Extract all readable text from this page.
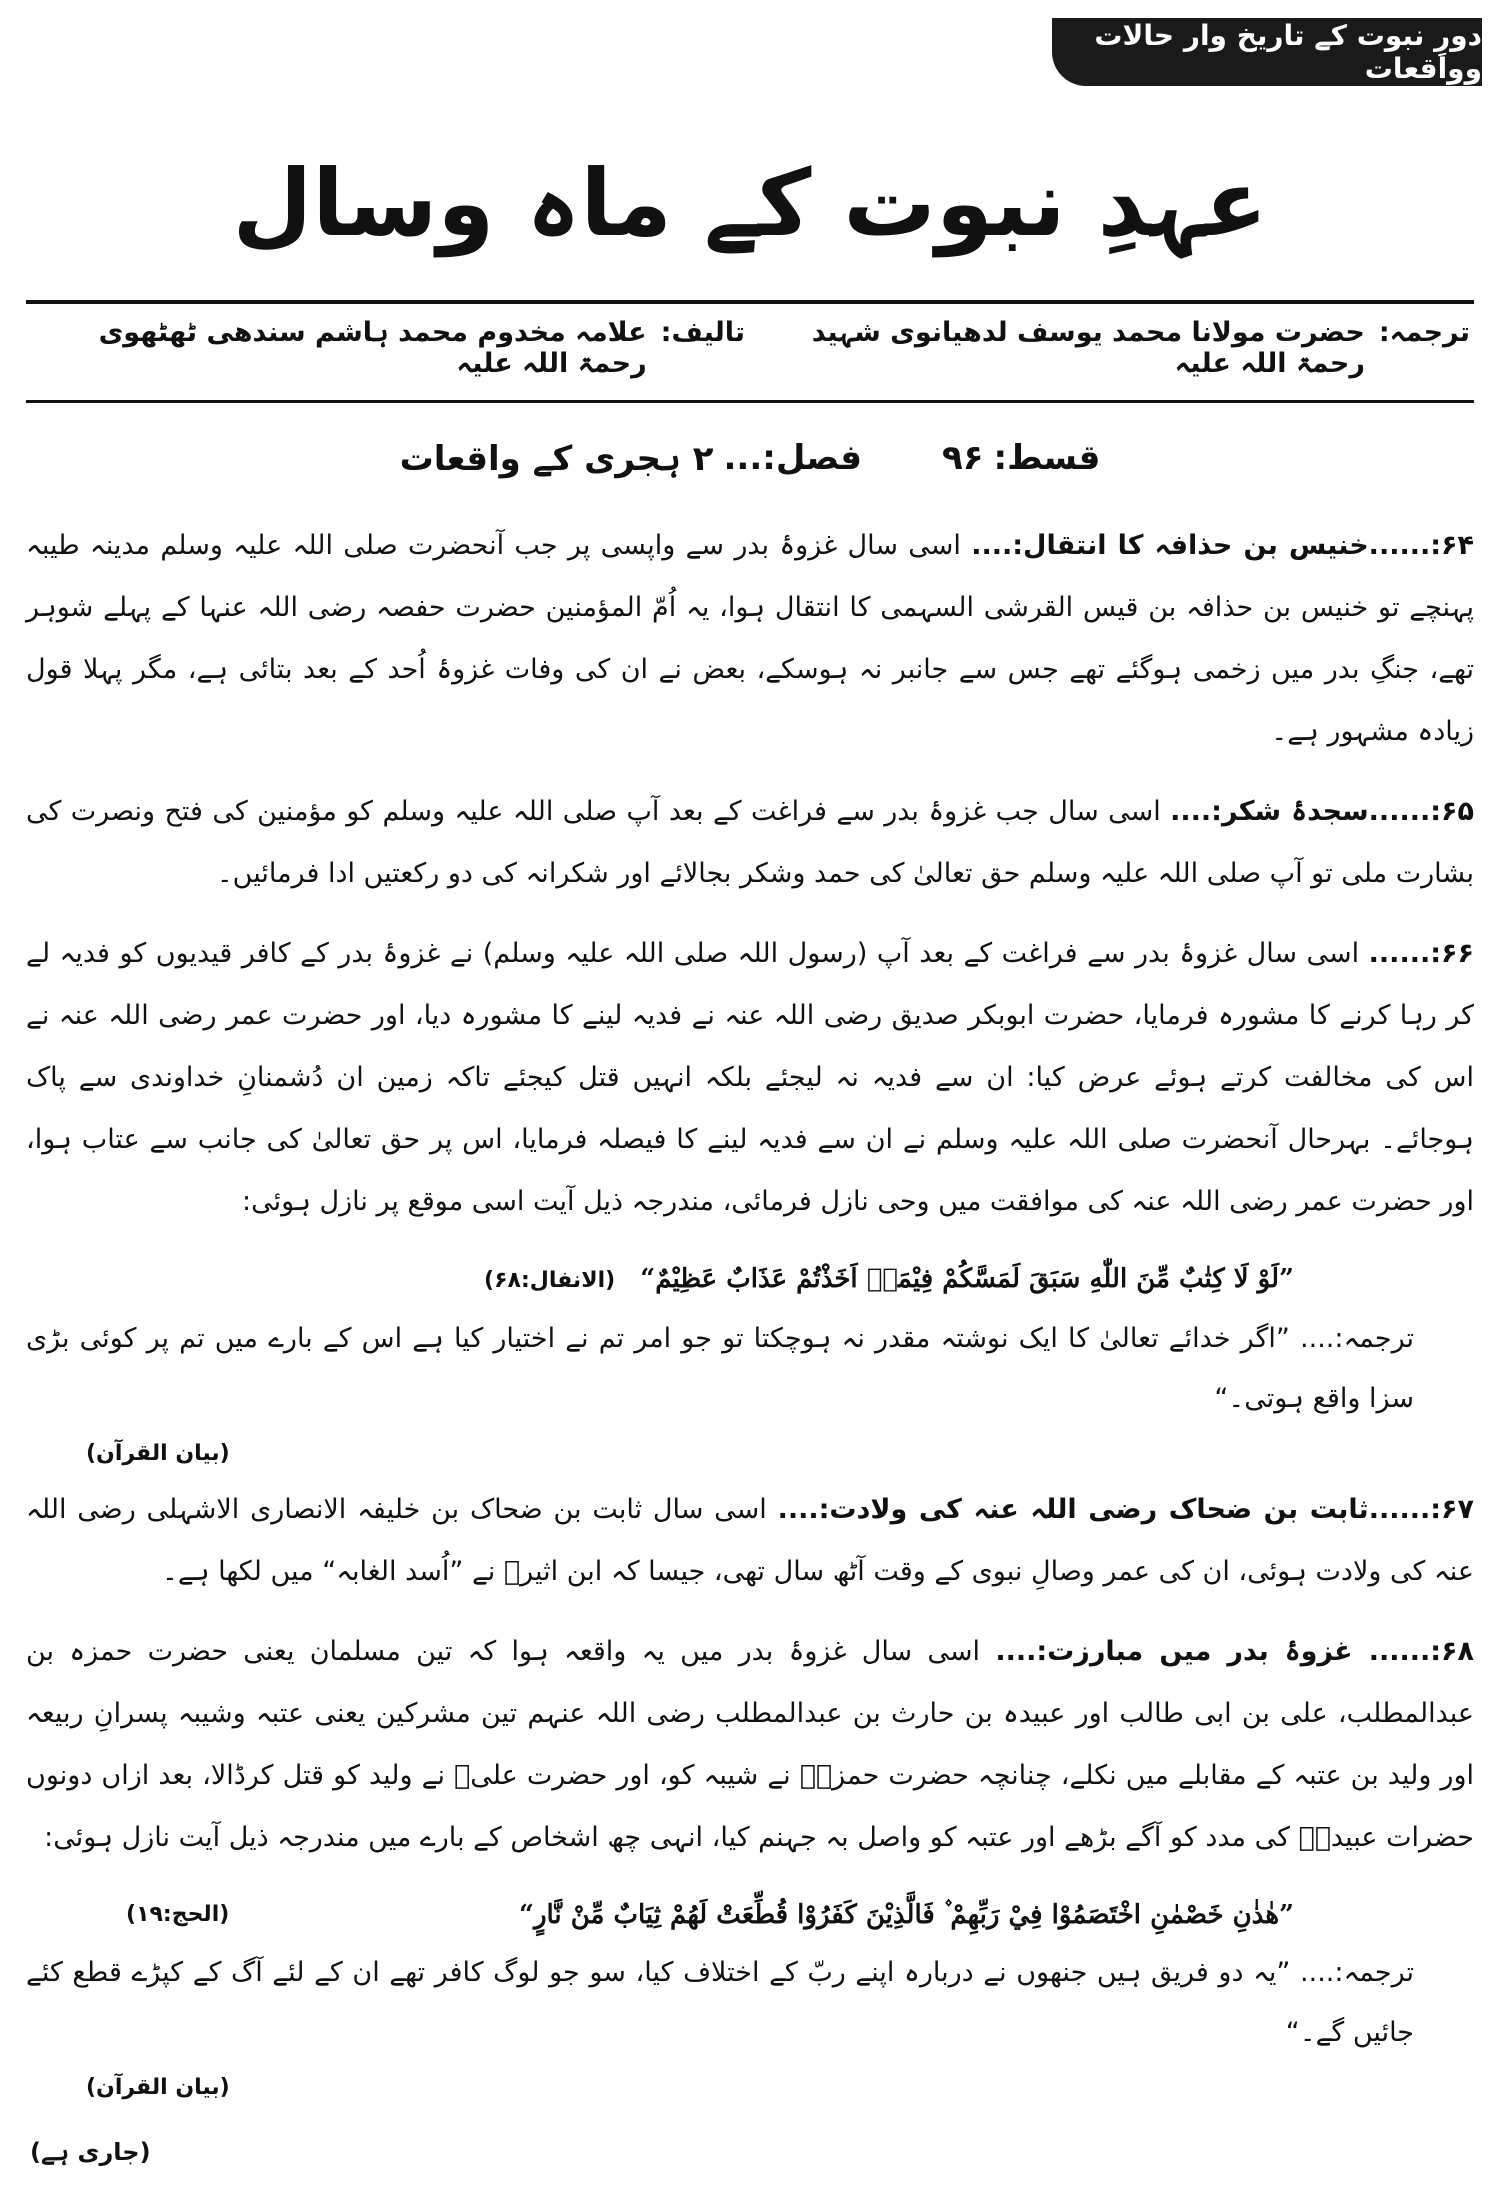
دورِ نبوت کے تاریخ وار حالات وواقعات
عہدِ نبوت کے ماہ وسال
تالیف:
علامہ مخدوم محمد ہاشم سندھی ٹھٹھوی رحمۃ اللہ علیہ
ترجمہ:
حضرت مولانا محمد یوسف لدھیانوی شہید رحمۃ اللہ علیہ
قسط:
۹۶
فصل:...
۲ ہجری کے واقعات

۶۴:......خنیس بن حذافہ کا انتقال:.... اسی سال غزوۂ بدر سے واپسی پر جب آنحضرت صلی اللہ علیہ وسلم مدینہ طیبہ پہنچے تو خنیس بن حذافہ بن قیس القرشی السہمی کا انتقال ہوا، یہ اُمّ المؤمنین حضرت حفصہ رضی اللہ عنہا کے پہلے شوہر تھے، جنگِ بدر میں زخمی ہوگئے تھے جس سے جانبر نہ ہوسکے، بعض نے ان کی وفات غزوۂ اُحد کے بعد بتائی ہے، مگر پہلا قول زیادہ مشہور ہے۔

۶۵:......سجدۂ شکر:.... اسی سال جب غزوۂ بدر سے فراغت کے بعد آپ صلی اللہ علیہ وسلم کو مؤمنین کی فتح ونصرت کی بشارت ملی تو آپ صلی اللہ علیہ وسلم حق تعالیٰ کی حمد وشکر بجالائے اور شکرانہ کی دو رکعتیں ادا فرمائیں۔

۶۶:...... اسی سال غزوۂ بدر سے فراغت کے بعد آپ (رسول اللہ صلی اللہ علیہ وسلم) نے غزوۂ بدر کے کافر قیدیوں کو فدیہ لے کر رہا کرنے کا مشورہ فرمایا، حضرت ابوبکر صدیق رضی اللہ عنہ نے فدیہ لینے کا مشورہ دیا، اور حضرت عمر رضی اللہ عنہ نے اس کی مخالفت کرتے ہوئے عرض کیا: ان سے فدیہ نہ لیجئے بلکہ انہیں قتل کیجئے تاکہ زمین ان دُشمنانِ خداوندی سے پاک ہوجائے۔ بہرحال آنحضرت صلی اللہ علیہ وسلم نے ان سے فدیہ لینے کا فیصلہ فرمایا، اس پر حق تعالیٰ کی جانب سے عتاب ہوا، اور حضرت عمر رضی اللہ عنہ کی موافقت میں وحی نازل فرمائی، مندرجہ ذیل آیت اسی موقع پر نازل ہوئی:

”لَوْ لَا كِتٰبٌ مِّنَ اللّٰهِ سَبَقَ لَمَسَّكُمْ فِيْمَاۤ اَخَذْتُمْ عَذَابٌ عَظِيْمٌ“ (الانفال:۶۸)
ترجمہ:.... ”اگر خدائے تعالیٰ کا ایک نوشتہ مقدر نہ ہوچکتا تو جو امر تم نے اختیار کیا ہے اس کے بارے میں تم پر کوئی بڑی سزا واقع ہوتی۔“
(بیان القرآن)

۶۷:......ثابت بن ضحاک رضی اللہ عنہ کی ولادت:.... اسی سال ثابت بن ضحاک بن خلیفہ الانصاری الاشہلی رضی اللہ عنہ کی ولادت ہوئی، ان کی عمر وصالِ نبوی کے وقت آٹھ سال تھی، جیسا کہ ابن اثیرؒ نے ”اُسد الغابہ“ میں لکھا ہے۔

۶۸:...... غزوۂ بدر میں مبارزت:.... اسی سال غزوۂ بدر میں یہ واقعہ ہوا کہ تین مسلمان یعنی حضرت حمزہ بن عبدالمطلب، علی بن ابی طالب اور عبیدہ بن حارث بن عبدالمطلب رضی اللہ عنہم تین مشرکین یعنی عتبہ وشیبہ پسرانِ ربیعہ اور ولید بن عتبہ کے مقابلے میں نکلے، چنانچہ حضرت حمزہؓ نے شیبہ کو، اور حضرت علیؓ نے ولید کو قتل کرڈالا، بعد ازاں دونوں حضرات عبیدہؓ کی مدد کو آگے بڑھے اور عتبہ کو واصل بہ جہنم کیا، انہی چھ اشخاص کے بارے میں مندرجہ ذیل آیت نازل ہوئی:

”هٰذٰنِ خَصْمٰنِ اخْتَصَمُوْا فِيْ رَبِّهِمْ ۫ فَالَّذِيْنَ كَفَرُوْا قُطِّعَتْ لَهُمْ ثِيَابٌ مِّنْ نَّارٍ“
(الحج:۱۹)
ترجمہ:.... ”یہ دو فریق ہیں جنھوں نے دربارہ اپنے ربّ کے اختلاف کیا، سو جو لوگ کافر تھے ان کے لئے آگ کے کپڑے قطع کئے جائیں گے۔“
(بیان القرآن)
(جاری ہے)
